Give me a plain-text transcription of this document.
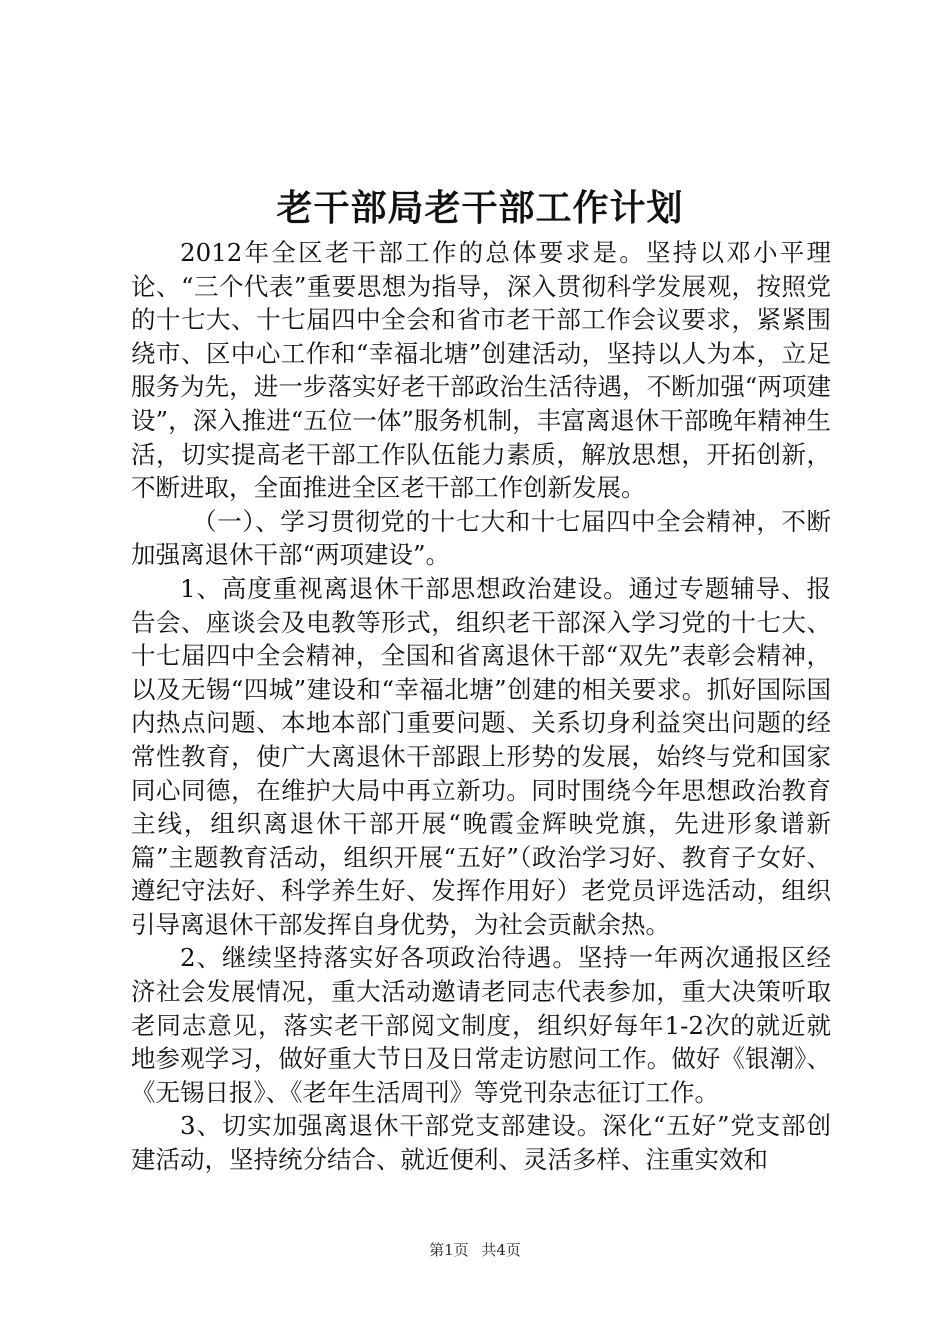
老干部局老干部工作计划

2012年全区老干部工作的总体要求是。坚持以邓小平理论、“三个代表”重要思想为指导，深入贯彻科学发展观，按照党的十七大、十七届四中全会和省市老干部工作会议要求，紧紧围绕市、区中心工作和“幸福北塘”创建活动，坚持以人为本，立足服务为先，进一步落实好老干部政治生活待遇，不断加强“两项建设”，深入推进“五位一体”服务机制，丰富离退休干部晚年精神生活，切实提高老干部工作队伍能力素质，解放思想，开拓创新，不断进取，全面推进全区老干部工作创新发展。

（一）、学习贯彻党的十七大和十七届四中全会精神，不断加强离退休干部“两项建设”。

1、高度重视离退休干部思想政治建设。通过专题辅导、报告会、座谈会及电教等形式，组织老干部深入学习党的十七大、十七届四中全会精神，全国和省离退休干部“双先”表彰会精神，以及无锡“四城”建设和“幸福北塘”创建的相关要求。抓好国际国内热点问题、本地本部门重要问题、关系切身利益突出问题的经常性教育，使广大离退休干部跟上形势的发展，始终与党和国家同心同德，在维护大局中再立新功。同时围绕今年思想政治教育主线，组织离退休干部开展“晚霞金辉映党旗，先进形象谱新篇”主题教育活动，组织开展“五好”（政治学习好、教育子女好、遵纪守法好、科学养生好、发挥作用好）老党员评选活动，组织引导离退休干部发挥自身优势，为社会贡献余热。

2、继续坚持落实好各项政治待遇。坚持一年两次通报区经济社会发展情况，重大活动邀请老同志代表参加，重大决策听取老同志意见，落实老干部阅文制度，组织好每年1-2次的就近就地参观学习，做好重大节日及日常走访慰问工作。做好《银潮》、《无锡日报》、《老年生活周刊》等党刊杂志征订工作。

3、切实加强离退休干部党支部建设。深化“五好”党支部创建活动，坚持统分结合、就近便利、灵活多样、注重实效和

第1页 共4页
